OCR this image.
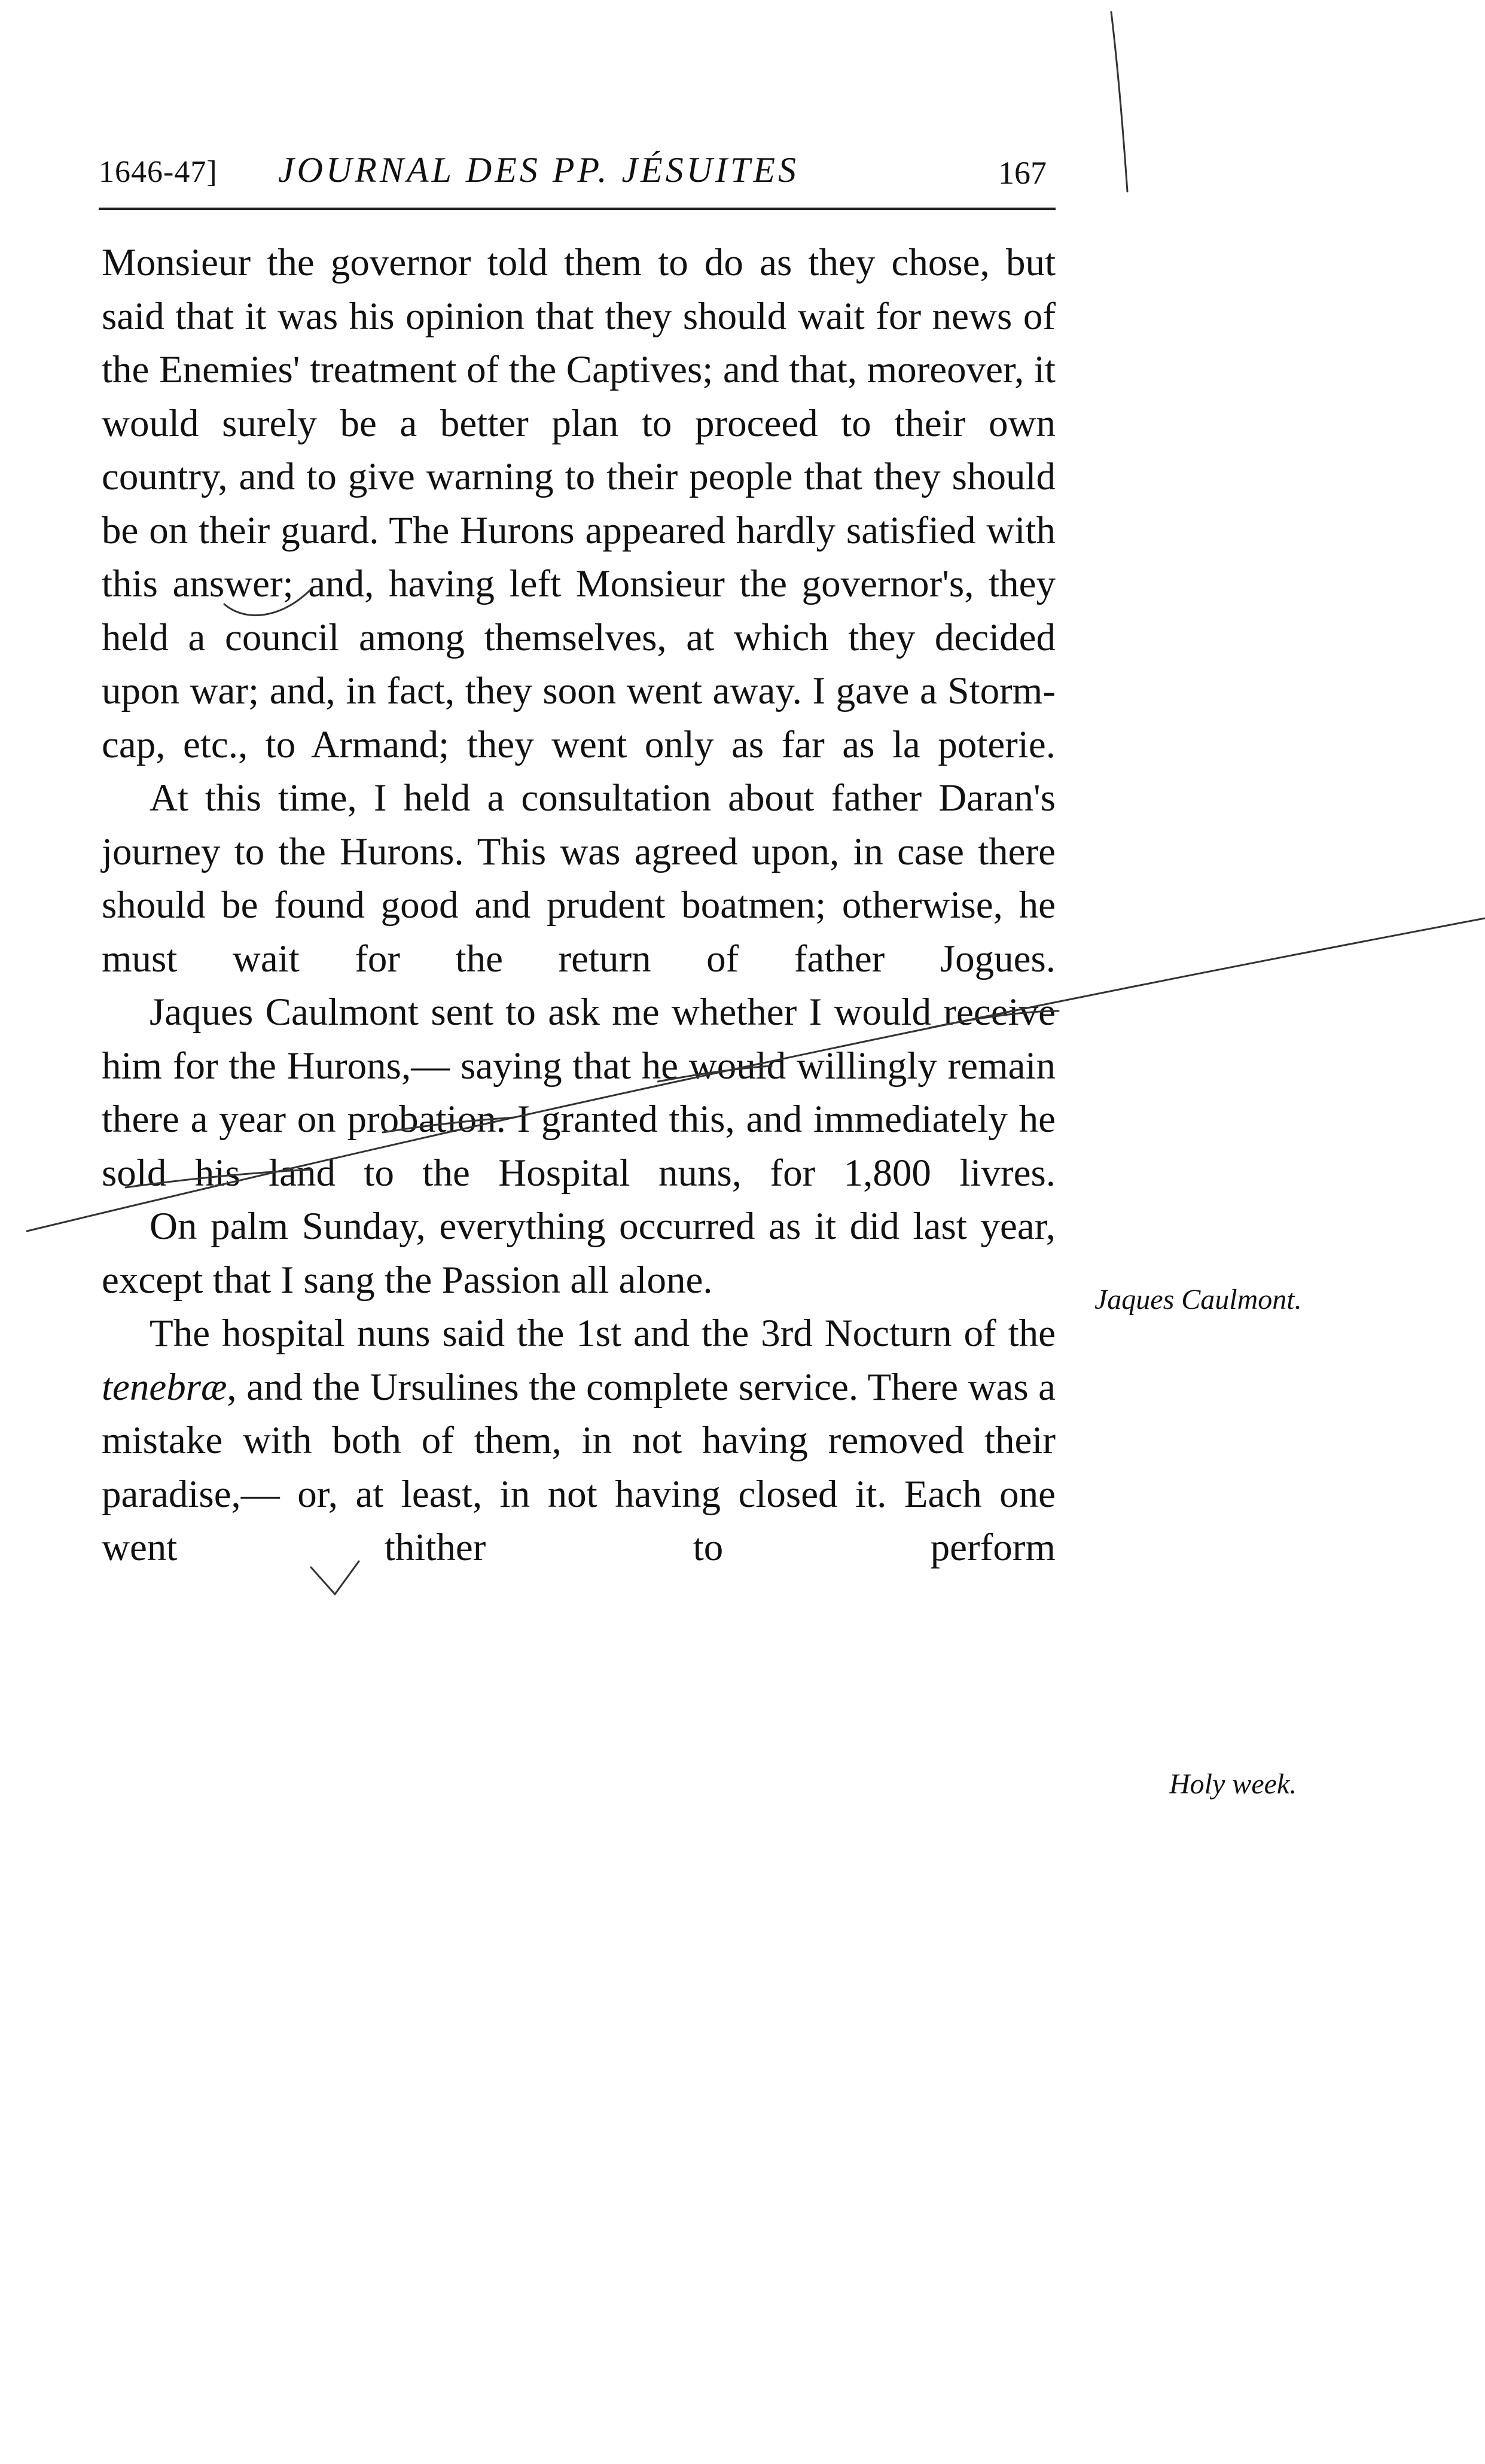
1646-47] JOURNAL DES PP. JÉSUITES	167

Monsieur the governor told them to do as they chose, but said that it was his opinion that they should wait for news of the Enemies' treatment of the Captives; and that, moreover, it would surely be a better plan to proceed to their own country, and to give warning to their people that they should be on their guard. The Hurons appeared hardly satisfied with this answer; and, having left Monsieur the governor's, they held a council among themselves, at which they decided upon war; and, in fact, they soon went away. I gave a Storm-cap, etc., to Armand; they went only as far as la poterie.

At this time, I held a consultation about father Daran's journey to the Hurons. This was agreed upon, in case there should be found good and prudent boatmen; otherwise, he must wait for the return of father Jogues.

Jaques Caulmont sent to ask me whether I would receive him for the Hurons,— saying that he would willingly remain there a year on probation. I granted this, and immediately he sold his land to the Hospital nuns, for 1,800 livres.

On palm Sunday, everything occurred as it did last year, except that I sang the Passion all alone.

The hospital nuns said the 1st and the 3rd Nocturn of the tenebræ, and the Ursulines the complete service. There was a mistake with both of them, in not having removed their paradise,— or, at least, in not having closed it. Each one went thither to perform

Jaques Caulmont.
Holy week.
